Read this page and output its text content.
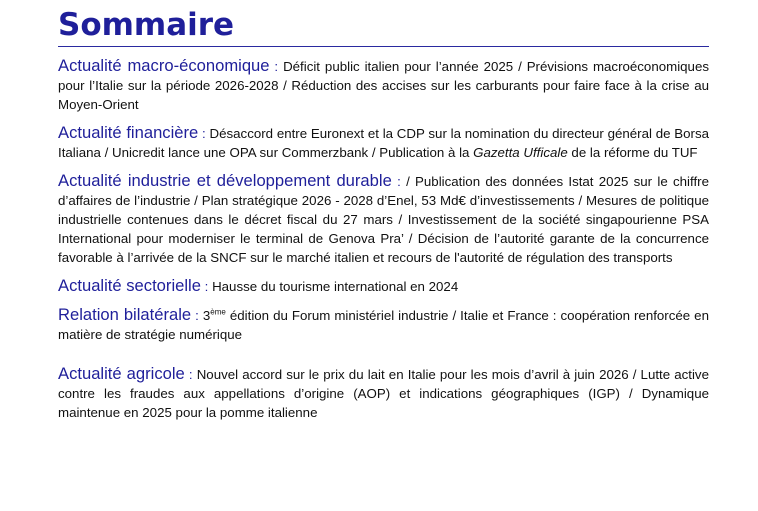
Sommaire

Actualité macro-économique : Déficit public italien pour l’année 2025 / Prévisions macroéconomiques pour l’Italie sur la période 2026-2028 / Réduction des accises sur les carburants pour faire face à la crise au Moyen-Orient

Actualité financière : Désaccord entre Euronext et la CDP sur la nomination du directeur général de Borsa Italiana / Unicredit lance une OPA sur Commerzbank / Publication à la Gazetta Ufficale de la réforme du TUF

Actualité industrie et développement durable : / Publication des données Istat 2025 sur le chiffre d’affaires de l’industrie / Plan stratégique 2026 - 2028 d’Enel, 53 Md€ d’investissements / Mesures de politique industrielle contenues dans le décret fiscal du 27 mars / Investissement de la société singapourienne PSA International pour moderniser le terminal de Genova Pra’ / Décision de l’autorité garante de la concurrence favorable à l’arrivée de la SNCF sur le marché italien et recours de l'autorité de régulation des transports

Actualité sectorielle : Hausse du tourisme international en 2024

Relation bilatérale : 3ème édition du Forum ministériel industrie / Italie et France : coopération renforcée en matière de stratégie numérique

Actualité agricole : Nouvel accord sur le prix du lait en Italie pour les mois d’avril à juin 2026 / Lutte active contre les fraudes aux appellations d’origine (AOP) et indications géographiques (IGP) / Dynamique maintenue en 2025 pour la pomme italienne
